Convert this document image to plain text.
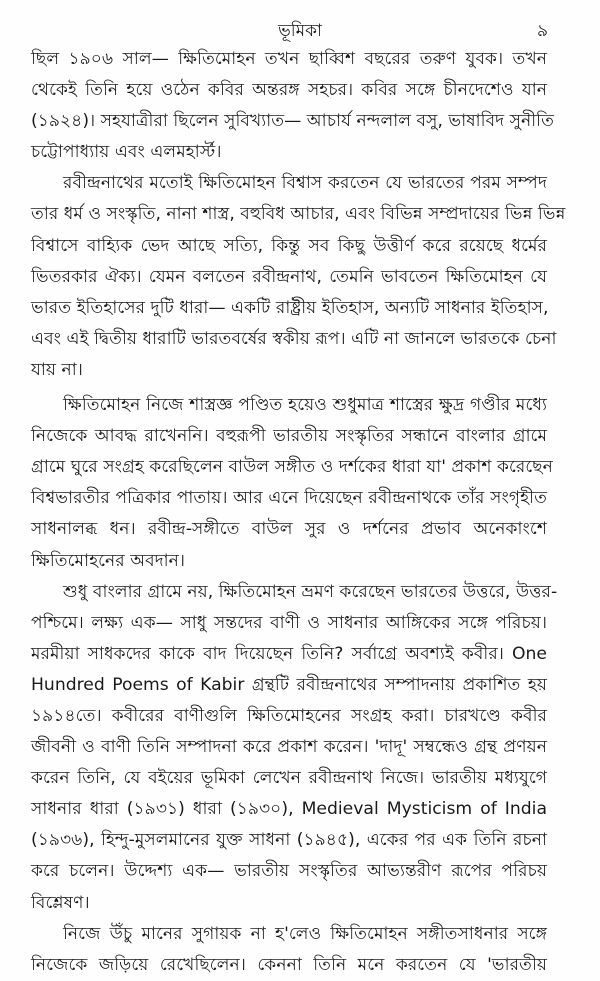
ভূমিকা	৯
ছিল ১৯০৬ সাল— ক্ষিতিমোহন তখন ছাব্বিশ বছরের তরুণ যুবক। তখন
থেকেই তিনি হয়ে ওঠেন কবির অন্তরঙ্গ সহচর। কবির সঙ্গে চীনদেশেও যান
(১৯২৪)। সহযাত্রীরা ছিলেন সুবিখ্যাত— আচার্য নন্দলাল বসু, ভাষাবিদ সুনীতি
চট্টোপাধ্যায় এবং এলমহার্স্ট।
রবীন্দ্রনাথের মতোই ক্ষিতিমোহন বিশ্বাস করতেন যে ভারতের পরম সম্পদ
তার ধর্ম ও সংস্কৃতি, নানা শাস্ত্র, বহুবিধ আচার, এবং বিভিন্ন সম্প্রদায়ের ভিন্ন ভিন্ন
বিশ্বাসে বাহ্যিক ভেদ আছে সত্যি, কিন্তু সব কিছু উত্তীর্ণ করে রয়েছে ধর্মের
ভিতরকার ঐক্য। যেমন বলতেন রবীন্দ্রনাথ, তেমনি ভাবতেন ক্ষিতিমোহন যে
ভারত ইতিহাসের দুটি ধারা— একটি রাষ্ট্রীয় ইতিহাস, অন্যটি সাধনার ইতিহাস,
এবং এই দ্বিতীয় ধারাটি ভারতবর্ষের স্বকীয় রূপ। এটি না জানলে ভারতকে চেনা
যায় না।
ক্ষিতিমোহন নিজে শাস্ত্রজ্ঞ পণ্ডিত হয়েও শুধুমাত্র শাস্ত্রের ক্ষুদ্র গণ্ডীর মধ্যে
নিজেকে আবদ্ধ রাখেননি। বহুরূপী ভারতীয় সংস্কৃতির সন্ধানে বাংলার গ্রামে
গ্রামে ঘুরে সংগ্রহ করেছিলেন বাউল সঙ্গীত ও দর্শকের ধারা যা' প্রকাশ করেছেন
বিশ্বভারতীর পত্রিকার পাতায়। আর এনে দিয়েছেন রবীন্দ্রনাথকে তাঁর সংগৃহীত
সাধনালব্ধ ধন। রবীন্দ্র-সঙ্গীতে বাউল সুর ও দর্শনের প্রভাব অনেকাংশে
ক্ষিতিমোহনের অবদান।
শুধু বাংলার গ্রামে নয়, ক্ষিতিমোহন ভ্রমণ করেছেন ভারতের উত্তরে, উত্তর-
পশ্চিমে। লক্ষ্য এক— সাধু সন্তদের বাণী ও সাধনার আঙ্গিকের সঙ্গে পরিচয়।
মরমীয়া সাধকদের কাকে বাদ দিয়েছেন তিনি? সর্বাগ্রে অবশ্যই কবীর। One
Hundred Poems of Kabir গ্রন্থটি রবীন্দ্রনাথের সম্পাদনায় প্রকাশিত হয়
১৯১৪তে। কবীরের বাণীগুলি ক্ষিতিমোহনের সংগ্রহ করা। চারখণ্ডে কবীর
জীবনী ও বাণী তিনি সম্পাদনা করে প্রকাশ করেন। 'দাদূ' সম্বন্ধেও গ্রন্থ প্রণয়ন
করেন তিনি, যে বইয়ের ভূমিকা লেখেন রবীন্দ্রনাথ নিজে। ভারতীয় মধ্যযুগে
সাধনার ধারা (১৯৩১) ধারা (১৯৩০), Medieval Mysticism of India
(১৯৩৬), হিন্দু-মুসলমানের যুক্ত সাধনা (১৯৪৫), একের পর এক তিনি রচনা
করে চলেন। উদ্দেশ্য এক— ভারতীয় সংস্কৃতির আভ্যন্তরীণ রূপের পরিচয়
বিশ্লেষণ।
নিজে উঁচু মানের সুগায়ক না হ'লেও ক্ষিতিমোহন সঙ্গীতসাধনার সঙ্গে
নিজেকে জড়িয়ে রেখেছিলেন। কেননা তিনি মনে করতেন যে 'ভারতীয়
